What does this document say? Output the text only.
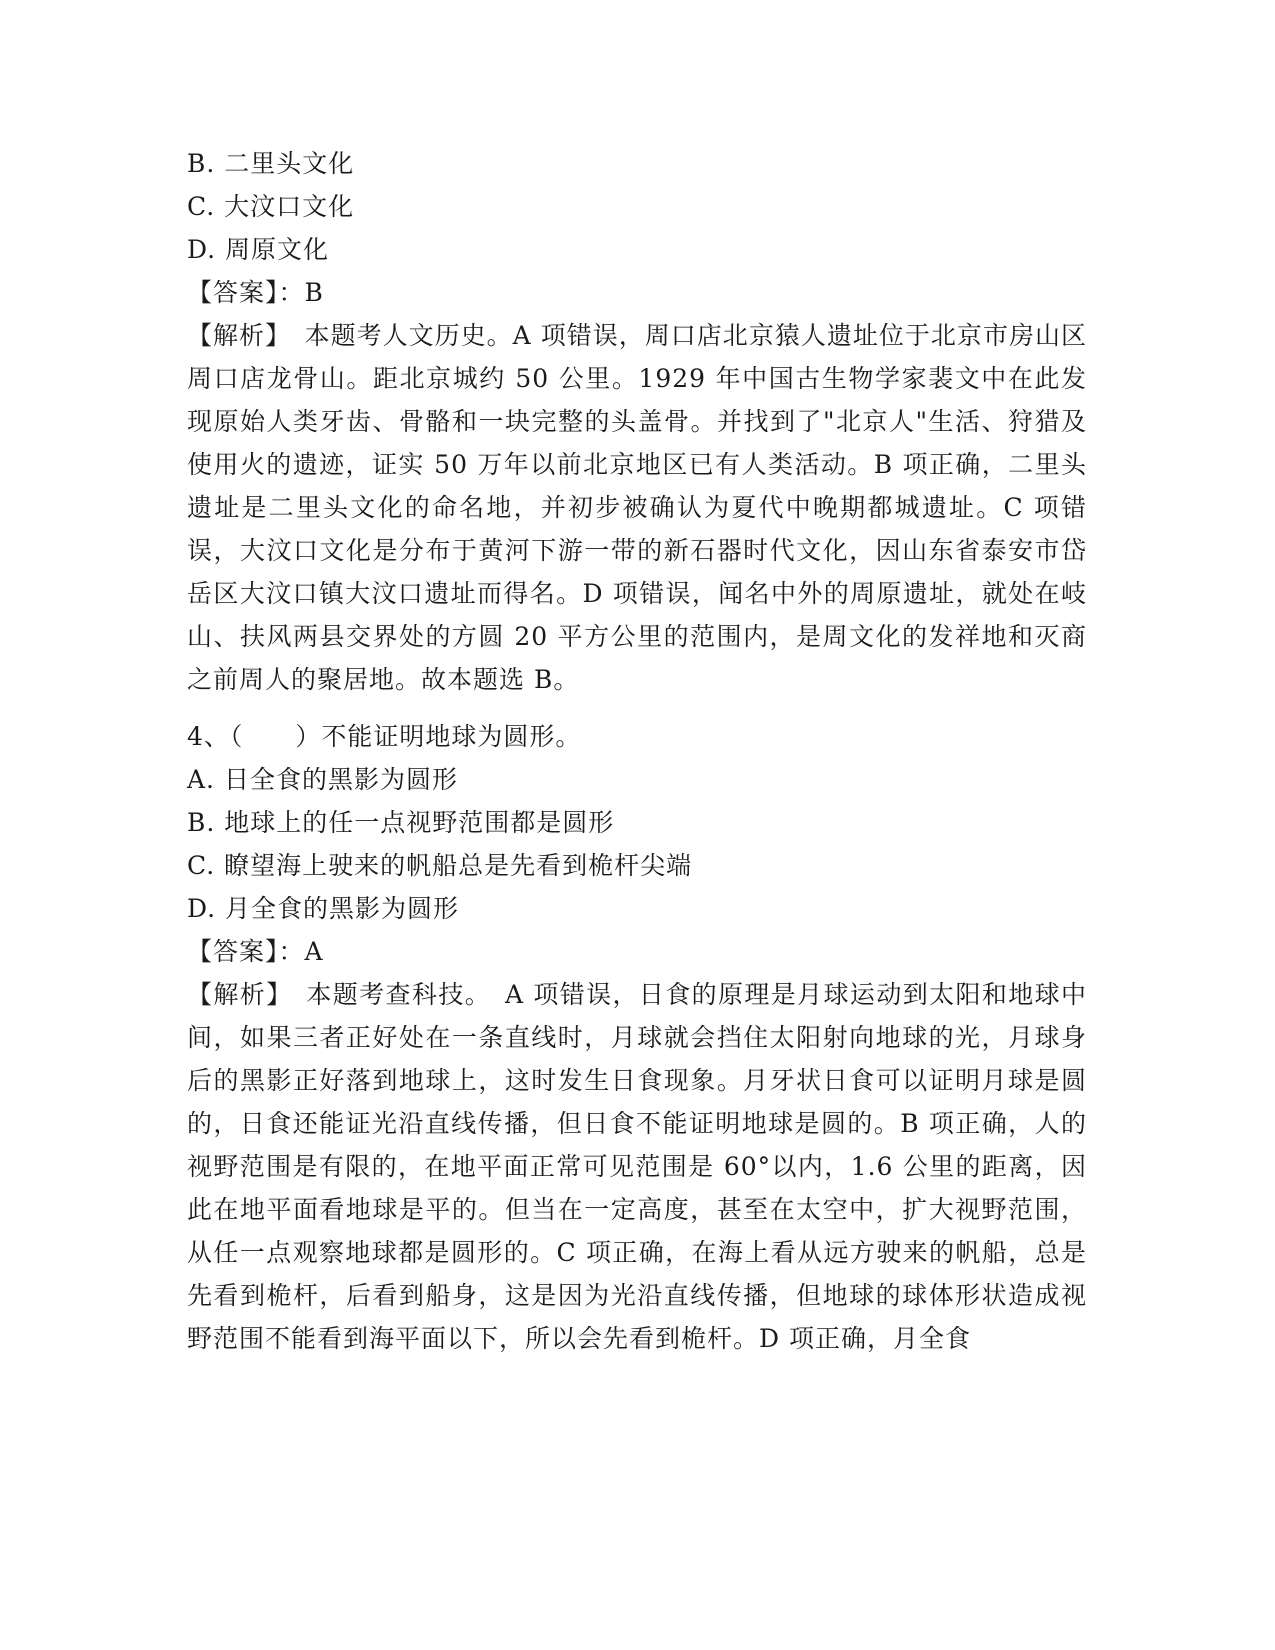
B. 二里头文化
C. 大汶口文化
D. 周原文化
【答案】：B
【解析】　本题考人文历史。A 项错误，周口店北京猿人遗址位于北京市房山区周口店龙骨山。距北京城约 50 公里。1929 年中国古生物学家裴文中在此发现原始人类牙齿、骨骼和一块完整的头盖骨。并找到了"北京人"生活、狩猎及使用火的遗迹，证实 50 万年以前北京地区已有人类活动。B 项正确，二里头遗址是二里头文化的命名地，并初步被确认为夏代中晚期都城遗址。C 项错误，大汶口文化是分布于黄河下游一带的新石器时代文化，因山东省泰安市岱岳区大汶口镇大汶口遗址而得名。D 项错误，闻名中外的周原遗址，就处在岐山、扶风两县交界处的方圆 20 平方公里的范围内，是周文化的发祥地和灭商之前周人的聚居地。故本题选 B。
4、（　　）不能证明地球为圆形。
A. 日全食的黑影为圆形
B. 地球上的任一点视野范围都是圆形
C. 瞭望海上驶来的帆船总是先看到桅杆尖端
D. 月全食的黑影为圆形
【答案】：A
【解析】　本题考查科技。　A 项错误，日食的原理是月球运动到太阳和地球中间，如果三者正好处在一条直线时，月球就会挡住太阳射向地球的光，月球身后的黑影正好落到地球上，这时发生日食现象。月牙状日食可以证明月球是圆的，日食还能证光沿直线传播，但日食不能证明地球是圆的。B 项正确，人的视野范围是有限的，在地平面正常可见范围是 60°以内，1.6 公里的距离，因此在地平面看地球是平的。但当在一定高度，甚至在太空中，扩大视野范围，从任一点观察地球都是圆形的。C 项正确，在海上看从远方驶来的帆船，总是先看到桅杆，后看到船身，这是因为光沿直线传播，但地球的球体形状造成视野范围不能看到海平面以下，所以会先看到桅杆。D 项正确，月全食
